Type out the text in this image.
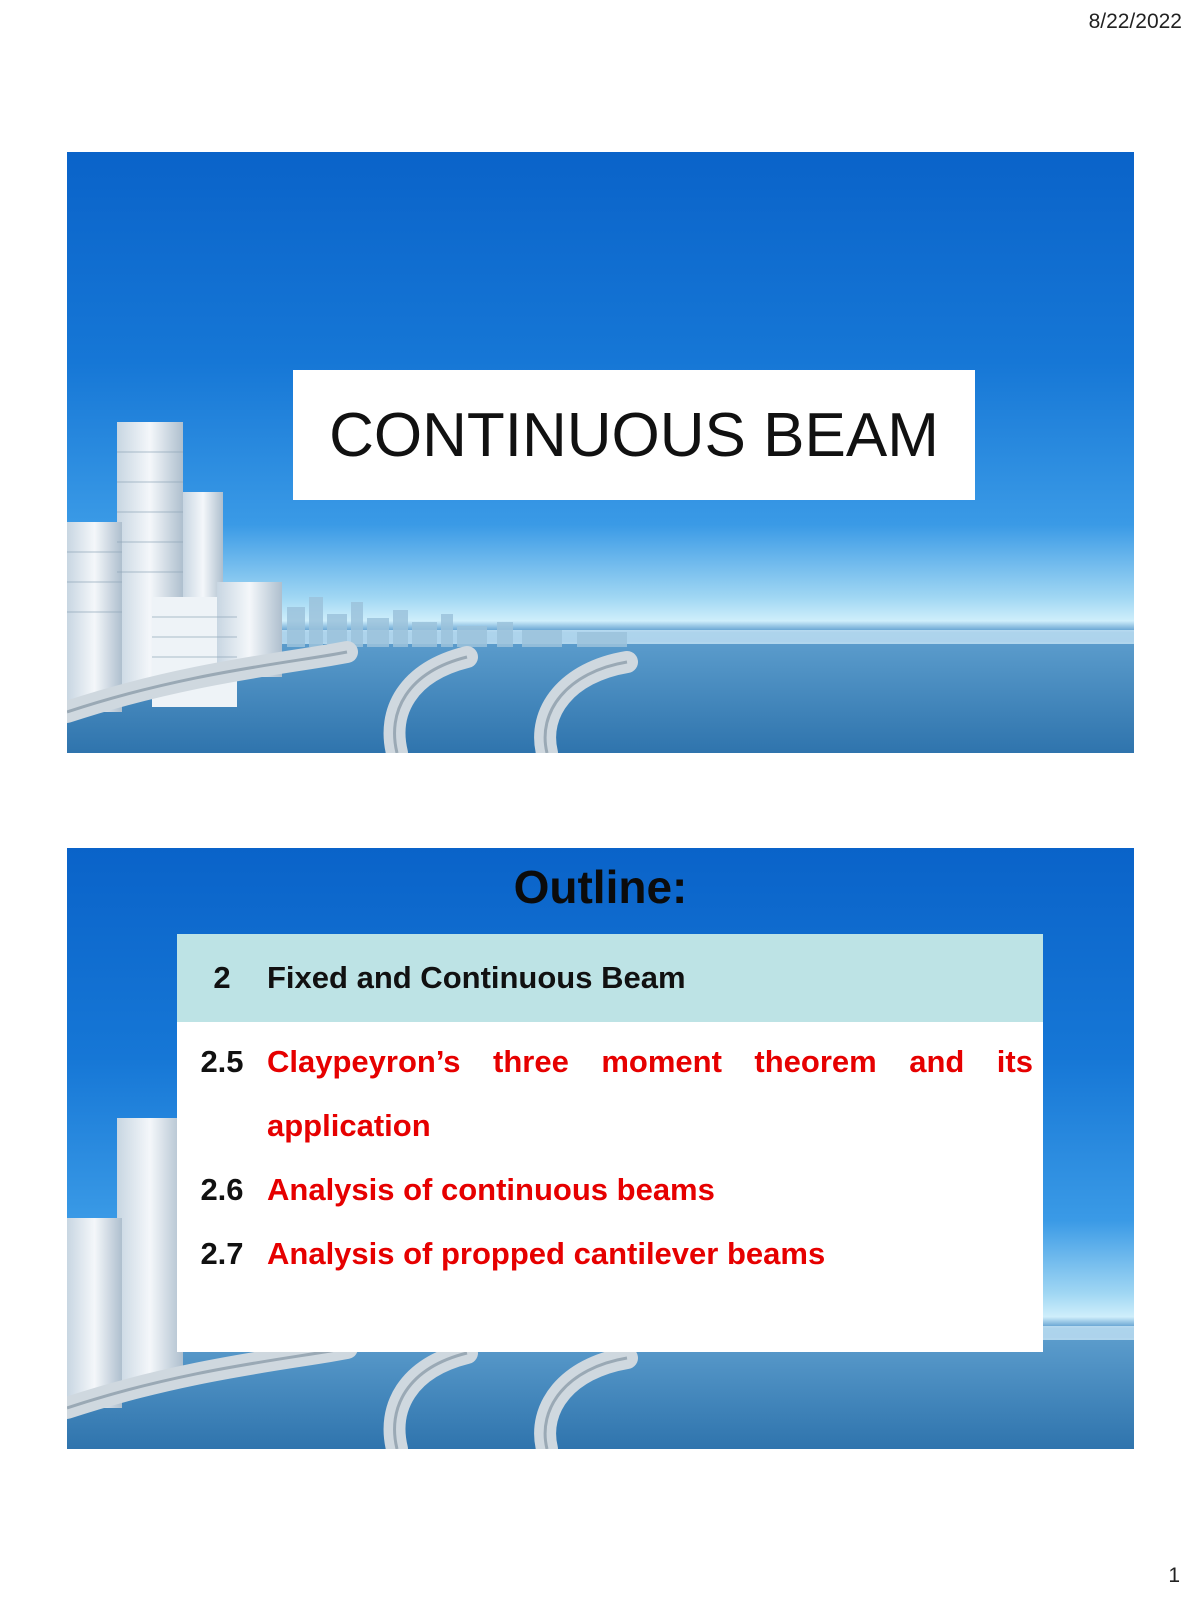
8/22/2022
CONTINUOUS BEAM
Outline:
2	Fixed and Continuous Beam
2.5 Claypeyron’s three moment theorem and its application
2.6 Analysis of continuous beams
2.7 Analysis of propped cantilever beams
1
